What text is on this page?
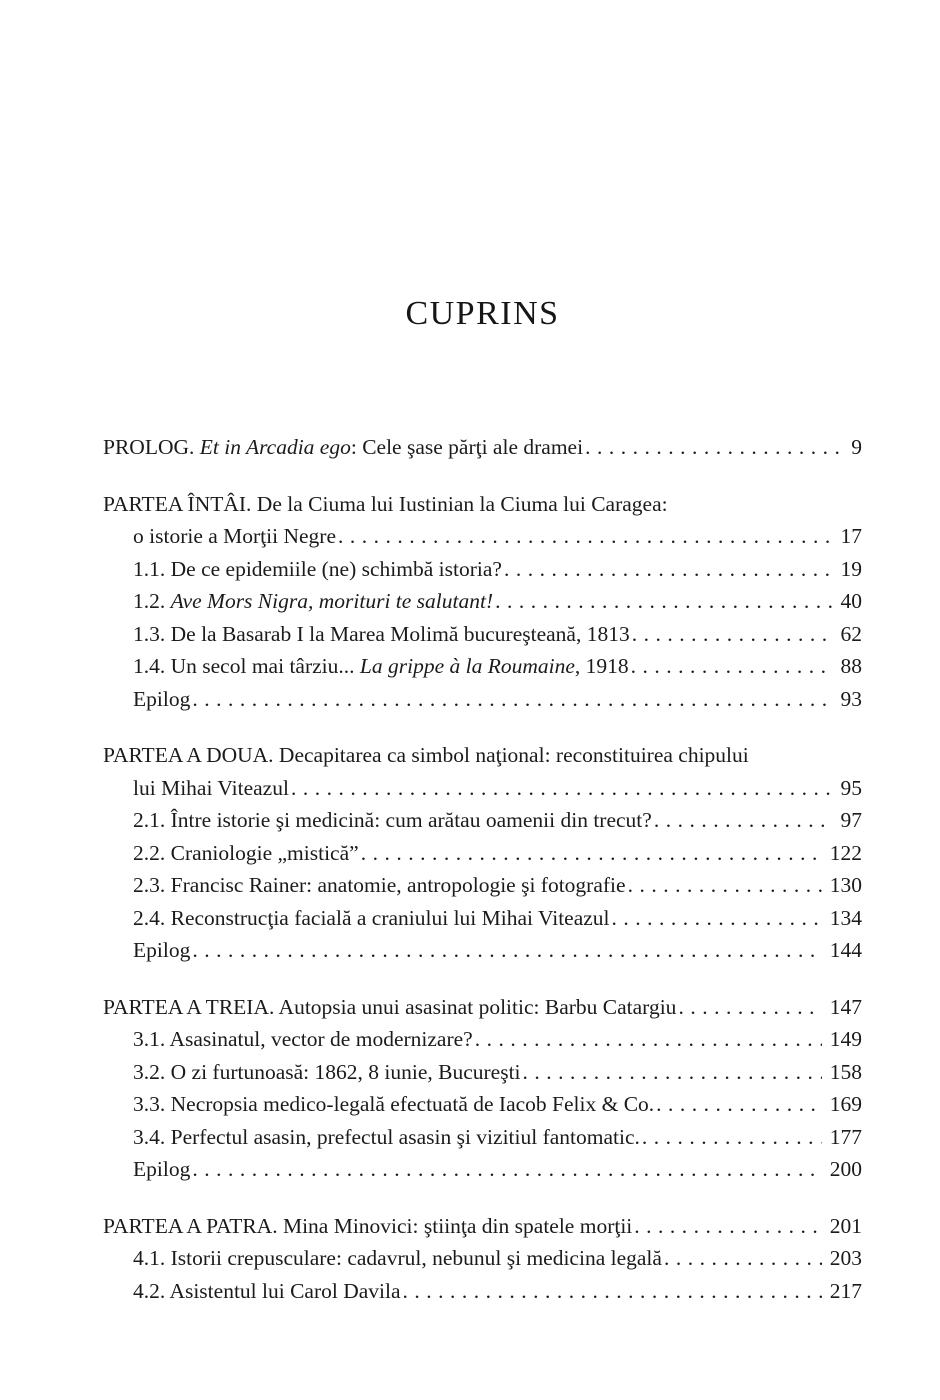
CUPRINS
PROLOG. Et in Arcadia ego: Cele şase părţi ale dramei .....	9
PARTEA ÎNTÂI. De la Ciuma lui Iustinian la Ciuma lui Caragea:
o istorie a Morţii Negre .....	17
1.1. De ce epidemiile (ne) schimbă istoria? .....	19
1.2. Ave Mors Nigra, morituri te salutant! .....	40
1.3. De la Basarab I la Marea Molimă bucureşteană, 1813 .....	62
1.4. Un secol mai târziu... La grippe à la Roumaine, 1918 .....	88
Epilog .....	93
PARTEA A DOUA. Decapitarea ca simbol naţional: reconstituirea chipului
lui Mihai Viteazul .....	95
2.1. Între istorie şi medicină: cum arătau oamenii din trecut? .....	97
2.2. Craniologie „mistică” .....	122
2.3. Francisc Rainer: anatomie, antropologie şi fotografie .....	130
2.4. Reconstrucţia facială a craniului lui Mihai Viteazul .....	134
Epilog .....	144
PARTEA A TREIA. Autopsia unui asasinat politic: Barbu Catargiu .....	147
3.1. Asasinatul, vector de modernizare? .....	149
3.2. O zi furtunoasă: 1862, 8 iunie, Bucureşti .....	158
3.3. Necropsia medico-legală efectuată de Iacob Felix & Co. .....	169
3.4. Perfectul asasin, prefectul asasin şi vizitiul fantomatic. .....	177
Epilog .....	200
PARTEA A PATRA. Mina Minovici: ştiinţa din spatele morţii .....	201
4.1. Istorii crepusculare: cadavrul, nebunul şi medicina legală .....	203
4.2. Asistentul lui Carol Davila .....	217
